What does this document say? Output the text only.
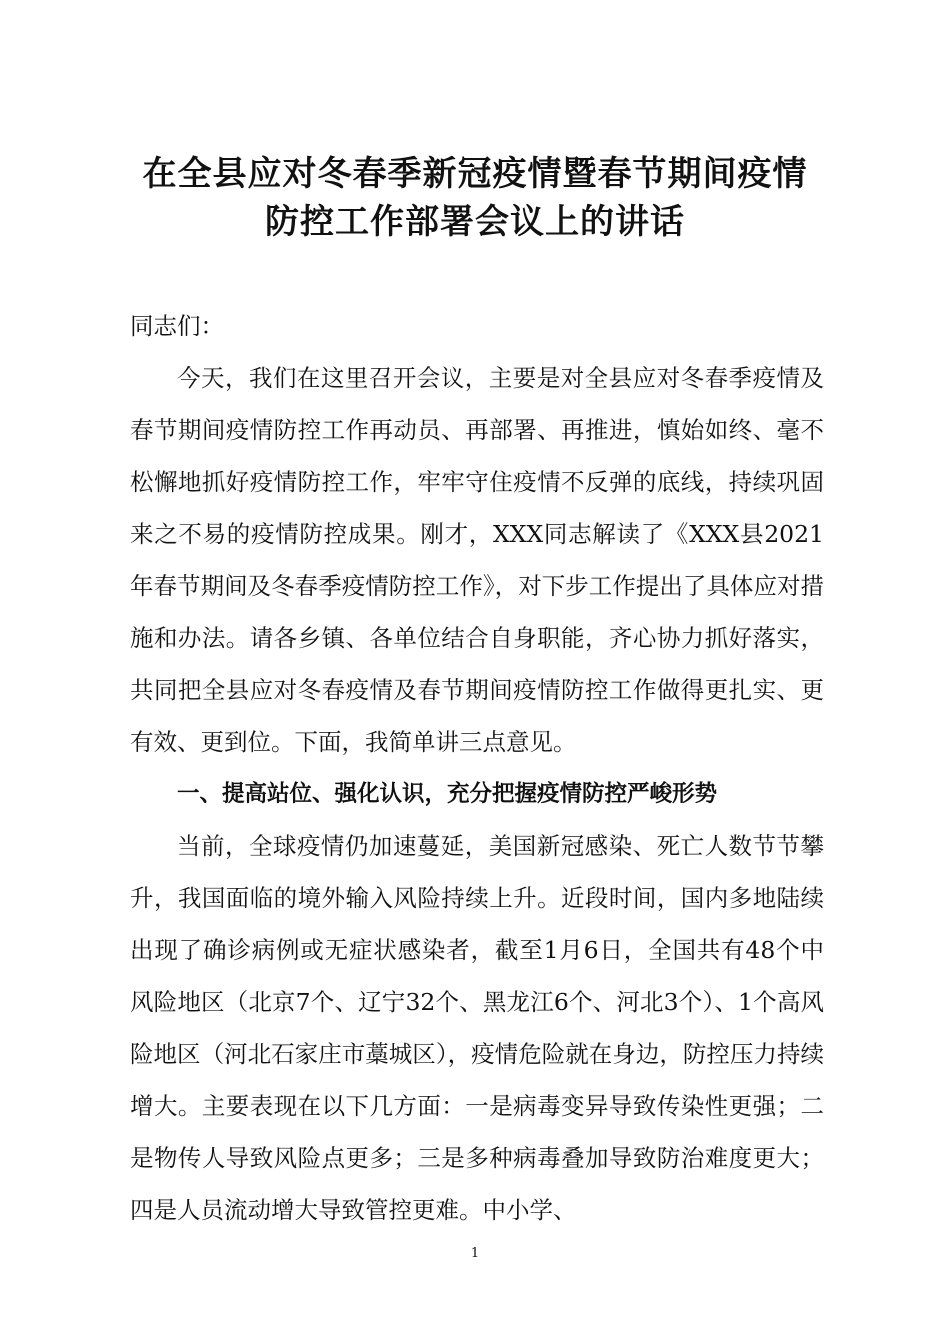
在全县应对冬春季新冠疫情暨春节期间疫情
防控工作部署会议上的讲话

同志们：

今天，我们在这里召开会议，主要是对全县应对冬春季疫情及春节期间疫情防控工作再动员、再部署、再推进，慎始如终、毫不松懈地抓好疫情防控工作，牢牢守住疫情不反弹的底线，持续巩固来之不易的疫情防控成果。刚才，XXX同志解读了《XXX县2021年春节期间及冬春季疫情防控工作》，对下步工作提出了具体应对措施和办法。请各乡镇、各单位结合自身职能，齐心协力抓好落实，共同把全县应对冬春疫情及春节期间疫情防控工作做得更扎实、更有效、更到位。下面，我简单讲三点意见。

一、提高站位、强化认识，充分把握疫情防控严峻形势

当前，全球疫情仍加速蔓延，美国新冠感染、死亡人数节节攀升，我国面临的境外输入风险持续上升。近段时间，国内多地陆续出现了确诊病例或无症状感染者，截至1月6日，全国共有48个中风险地区（北京7个、辽宁32个、黑龙江6个、河北3个）、1个高风险地区（河北石家庄市藁城区），疫情危险就在身边，防控压力持续增大。主要表现在以下几方面：一是病毒变异导致传染性更强；二是物传人导致风险点更多；三是多种病毒叠加导致防治难度更大；四是人员流动增大导致管控更难。中小学、

1
